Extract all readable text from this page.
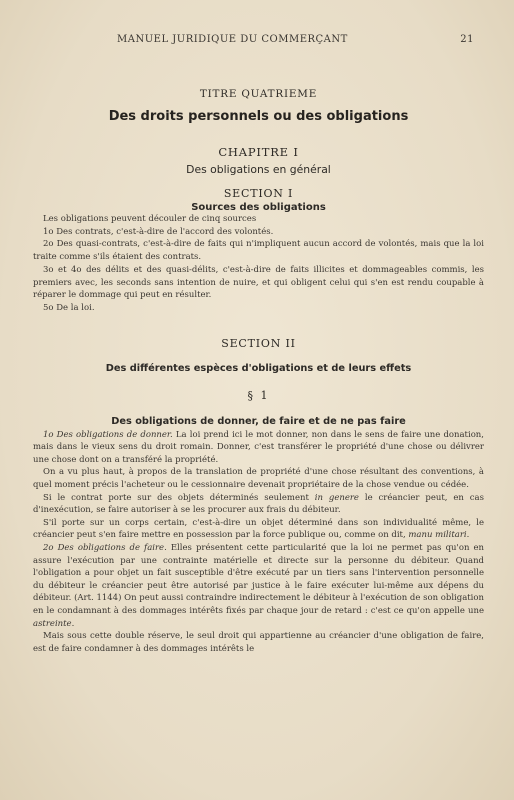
MANUEL JURIDIQUE DU COMMERÇANT	21
TITRE QUATRIEME
Des droits personnels ou des obligations
CHAPITRE I
Des obligations en général
SECTION I
Sources des obligations

Les obligations peuvent découler de cinq sources

1o Des contrats, c'est-à-dire de l'accord des volontés.

2o Des quasi-contrats, c'est-à-dire de faits qui n'impliquent aucun accord de volontés, mais que la loi traite comme s'ils étaient des contrats.

3o et 4o des délits et des quasi-délits, c'est-à-dire de faits illicites et dommageables commis, les premiers avec, les seconds sans intention de nuire, et qui obligent celui qui s'en est rendu coupable à réparer le dommage qui peut en résulter.

5o De la loi.

SECTION II
Des différentes espèces d'obligations et de leurs effets
§ 1
Des obligations de donner, de faire et de ne pas faire

1o Des obligations de donner. La loi prend ici le mot donner, non dans le sens de faire une donation, mais dans le vieux sens du droit romain. Donner, c'est transférer le propriété d'une chose ou délivrer une chose dont on a transféré la propriété.

On a vu plus haut, à propos de la translation de propriété d'une chose résultant des conventions, à quel moment précis l'acheteur ou le cessionnaire devenait propriétaire de la chose vendue ou cédée.

Si le contrat porte sur des objets déterminés seulement in genere le créancier peut, en cas d'inexécution, se faire autoriser à se les procurer aux frais du débiteur.

S'il porte sur un corps certain, c'est-à-dire un objet déterminé dans son individualité même, le créancier peut s'en faire mettre en possession par la force publique ou, comme on dit, manu militari.

2o Des obligations de faire. Elles présentent cette particularité que la loi ne permet pas qu'on en assure l'exécution par une contrainte matérielle et directe sur la personne du débiteur. Quand l'obligation a pour objet un fait susceptible d'être exécuté par un tiers sans l'intervention personnelle du débiteur le créancier peut être autorisé par justice à le faire exécuter lui-même aux dépens du débiteur. (Art. 1144) On peut aussi contraindre indirectement le débiteur à l'exécution de son obligation en le condamnant à des dommages intérêts fixés par chaque jour de retard : c'est ce qu'on appelle une astreinte.

Mais sous cette double réserve, le seul droit qui appartienne au créancier d'une obligation de faire, est de faire condamner à des dommages intérêts le
